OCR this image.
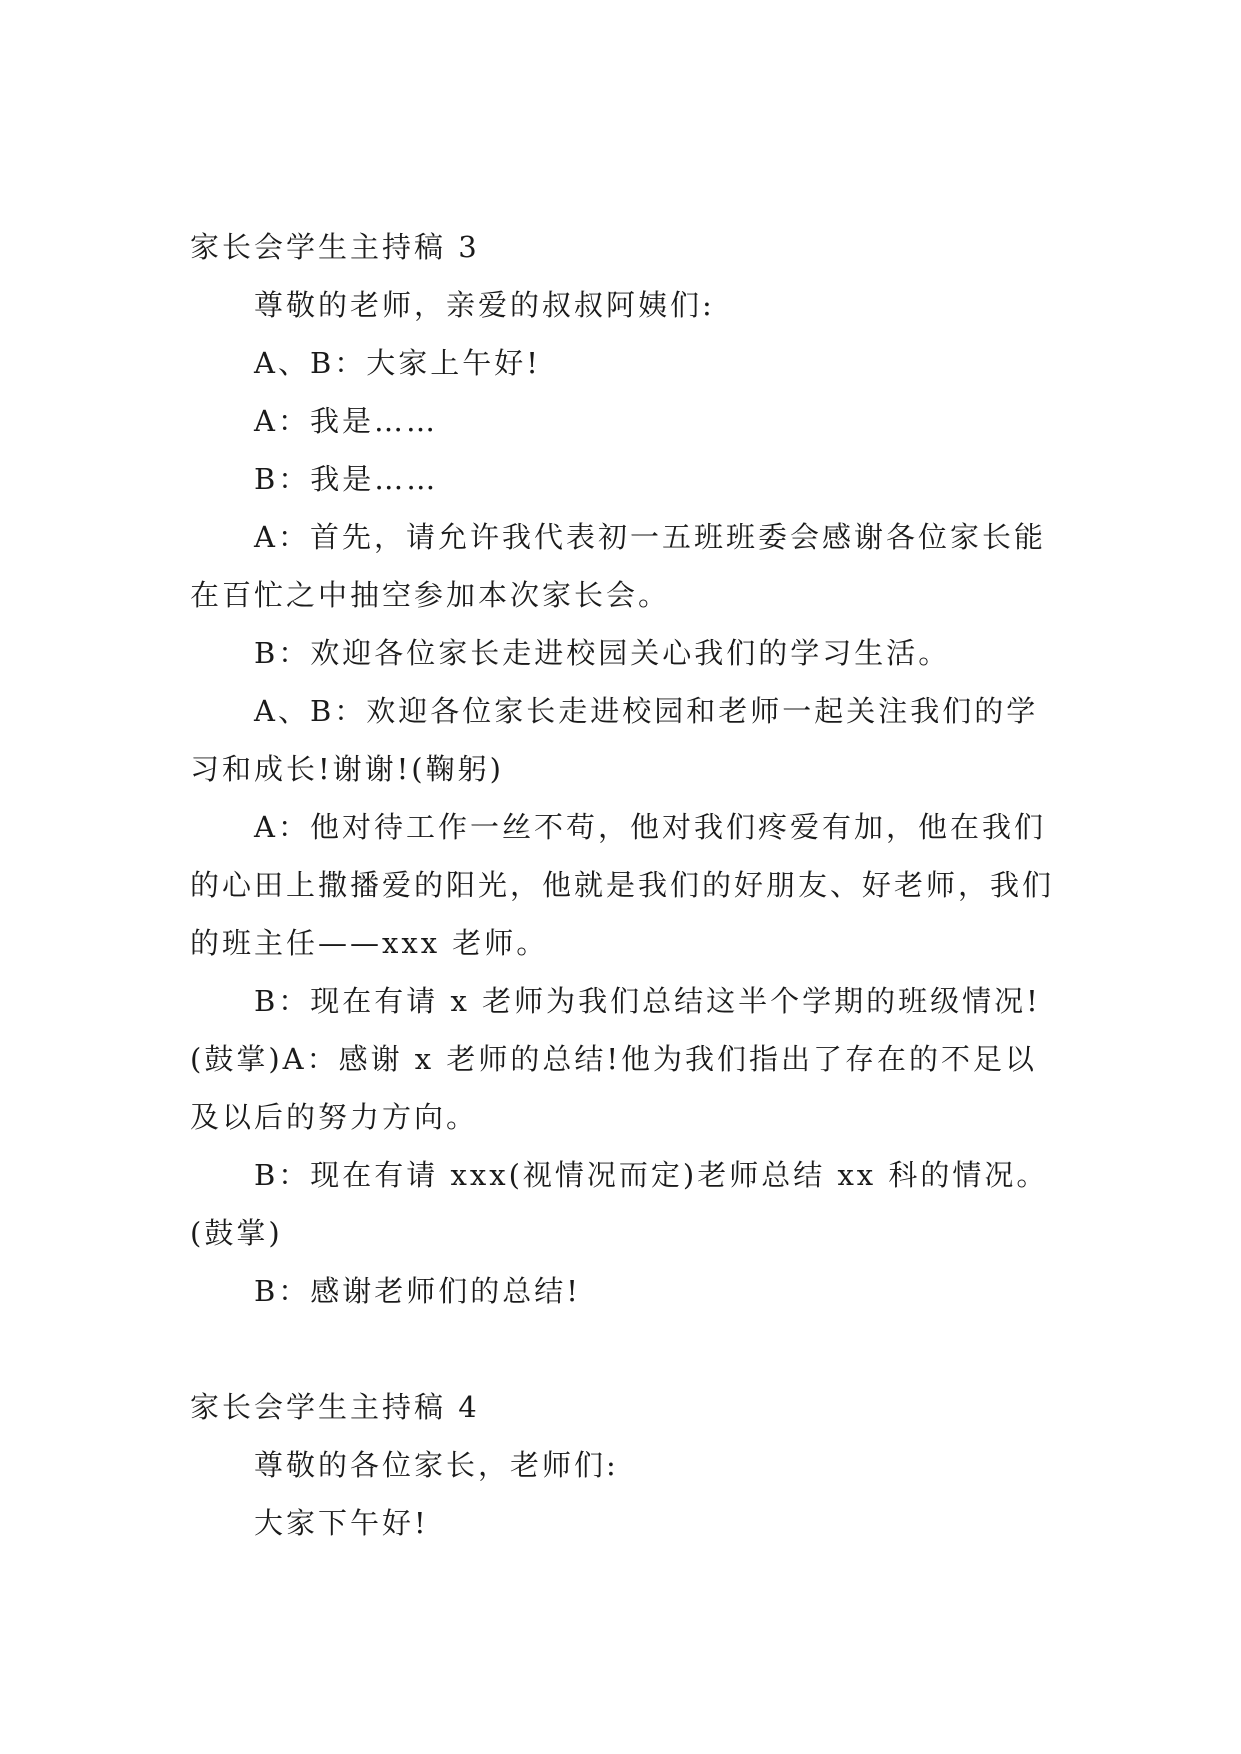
家长会学生主持稿 3

尊敬的老师，亲爱的叔叔阿姨们:

A、B：大家上午好!

A：我是……

B：我是……

A：首先，请允许我代表初一五班班委会感谢各位家长能在百忙之中抽空参加本次家长会。

B：欢迎各位家长走进校园关心我们的学习生活。

A、B：欢迎各位家长走进校园和老师一起关注我们的学习和成长!谢谢!(鞠躬)

A：他对待工作一丝不苟，他对我们疼爱有加，他在我们的心田上撒播爱的阳光，他就是我们的好朋友、好老师，我们的班主任——xxx 老师。

B：现在有请 x 老师为我们总结这半个学期的班级情况!(鼓掌)A：感谢 x 老师的总结!他为我们指出了存在的不足以及以后的努力方向。

B：现在有请 xxx(视情况而定)老师总结 xx 科的情况。(鼓掌)

B：感谢老师们的总结!

家长会学生主持稿 4

尊敬的各位家长，老师们:

大家下午好!
